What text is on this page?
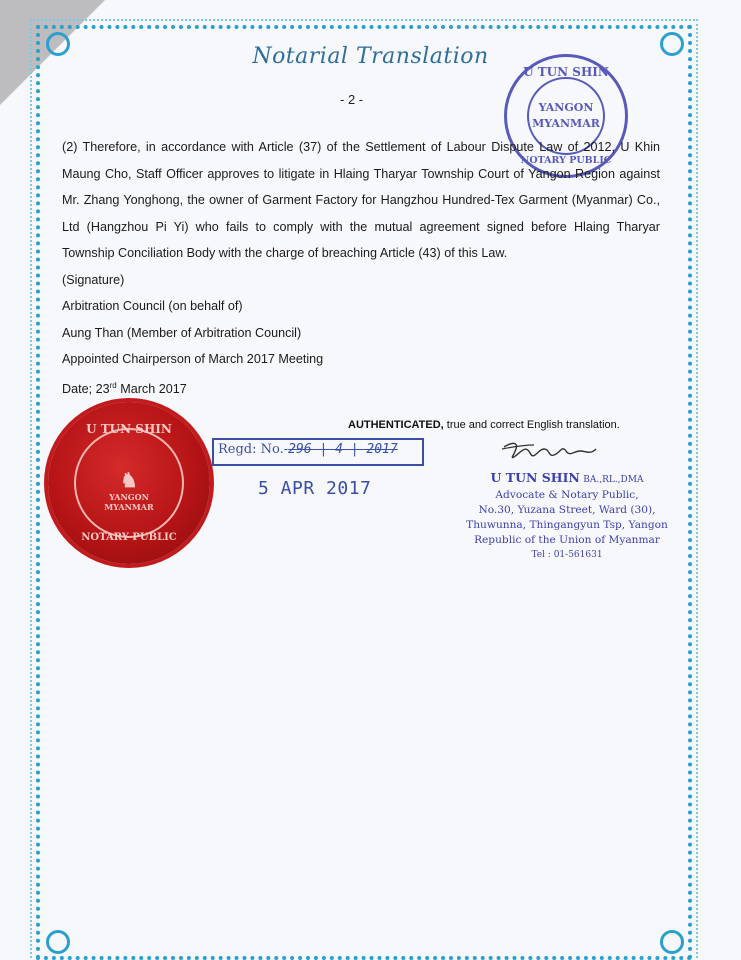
Notarial Translation
- 2 -
U TUN SHIN
YANGON
MYANMAR
NOTARY PUBLIC
(2) Therefore, in accordance with Article (37) of the Settlement of Labour Dispute Law of 2012, U Khin Maung Cho, Staff Officer approves to litigate in Hlaing Tharyar Township Court of Yangon Region against Mr. Zhang Yonghong, the owner of Garment Factory for Hangzhou Hundred-Tex Garment (Myanmar) Co., Ltd (Hangzhou Pi Yi) who fails to comply with the mutual agreement signed before Hlaing Tharyar Township Conciliation Body with the charge of breaching Article (43) of this Law.
(Signature)
Arbitration Council (on behalf of)
Aung Than (Member of Arbitration Council)
Appointed Chairperson of March 2017 Meeting
Date; 23rd March 2017
AUTHENTICATED, true and correct English translation.
U TUN SHIN
♞
YANGON
MYANMAR
NOTARY PUBLIC
Regd: No.-296 | 4 | 2017
5 APR 2017
U TUN SHIN BA.,RL.,DMA
Advocate & Notary Public,
No.30, Yuzana Street, Ward (30),
Thuwunna, Thingangyun Tsp, Yangon
Republic of the Union of Myanmar
Tel : 01-561631
